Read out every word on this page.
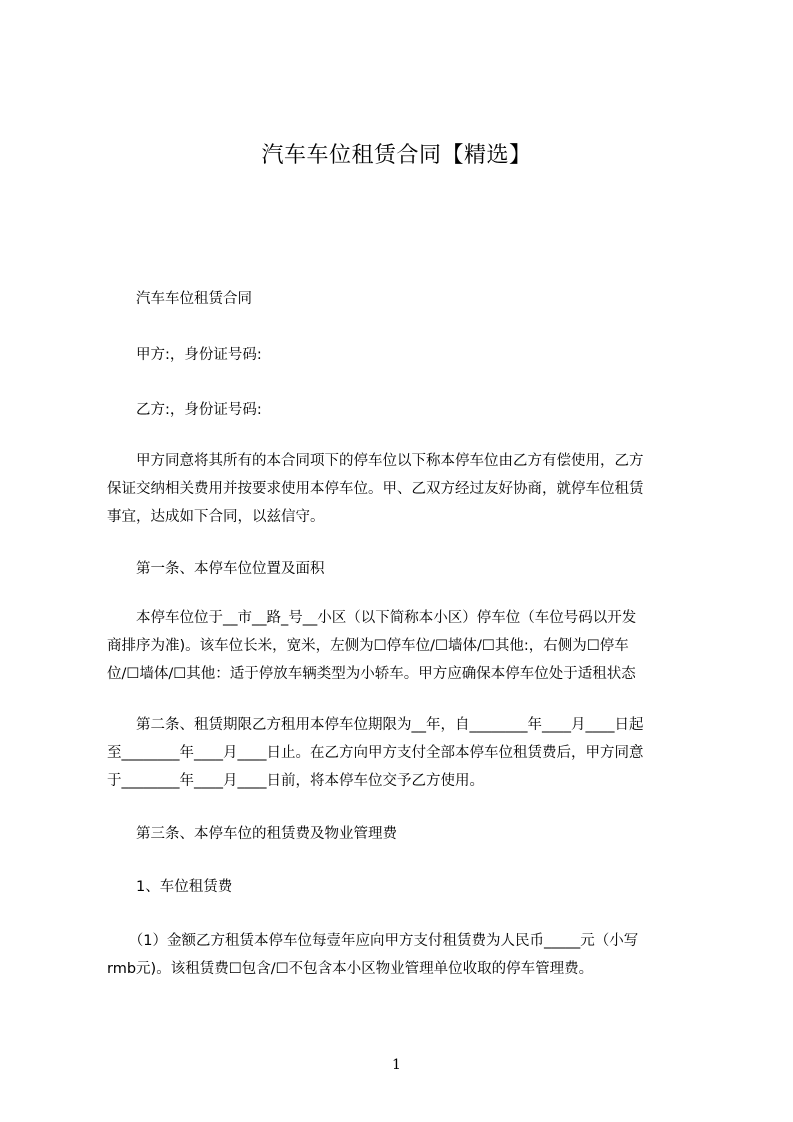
汽车车位租赁合同【精选】
　　汽车车位租赁合同
　　甲方:，身份证号码:
　　乙方:，身份证号码:
　　甲方同意将其所有的本合同项下的停车位以下称本停车位由乙方有偿使用，乙方
保证交纳相关费用并按要求使用本停车位。甲、乙双方经过友好协商，就停车位租赁
事宜，达成如下合同，以兹信守。
　　第一条、本停车位位置及面积
　　本停车位位于__市__路_号__小区（以下简称本小区）停车位（车位号码以开发
商排序为准)。该车位长米，宽米，左侧为☐停车位/☐墙体/☐其他:，右侧为☐停车
位/☐墙体/☐其他：适于停放车辆类型为小轿车。甲方应确保本停车位处于适租状态
　　第二条、租赁期限乙方租用本停车位期限为__年，自________年____月____日起
至________年____月____日止。在乙方向甲方支付全部本停车位租赁费后，甲方同意
于________年____月____日前，将本停车位交予乙方使用。
　　第三条、本停车位的租赁费及物业管理费
　　1、车位租赁费
　　（1）金额乙方租赁本停车位每壹年应向甲方支付租赁费为人民币_____元（小写
rmb元)。该租赁费☐包含/☐不包含本小区物业管理单位收取的停车管理费。
1
